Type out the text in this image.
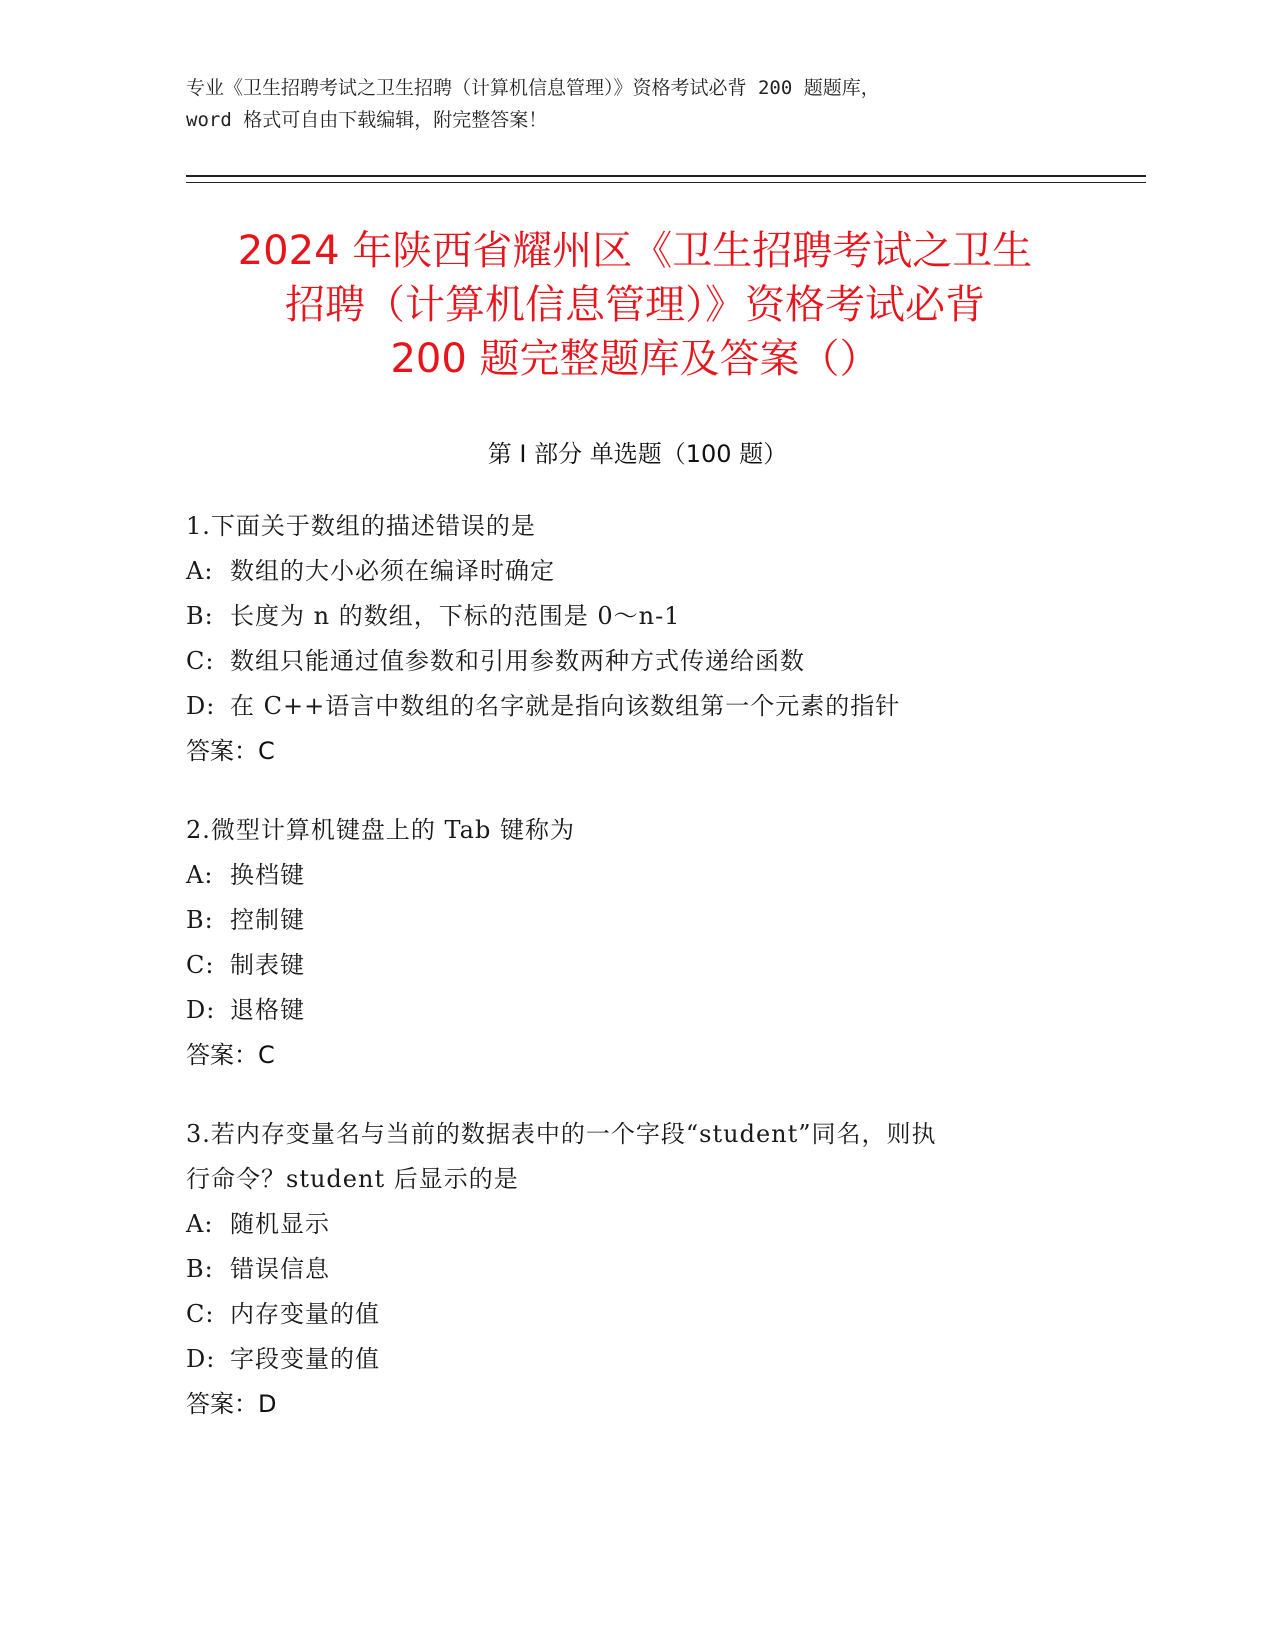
专业《卫生招聘考试之卫生招聘（计算机信息管理）》资格考试必背 200 题题库，
word 格式可自由下载编辑，附完整答案！
2024 年陕西省耀州区《卫生招聘考试之卫生
招聘（计算机信息管理）》资格考试必背
200 题完整题库及答案（）
第 I 部分 单选题（100 题）
1.下面关于数组的描述错误的是
A: 数组的大小必须在编译时确定
B: 长度为 n 的数组，下标的范围是 0～n-1
C: 数组只能通过值参数和引用参数两种方式传递给函数
D: 在 C++语言中数组的名字就是指向该数组第一个元素的指针
答案：C
2.微型计算机键盘上的 Tab 键称为
A: 换档键
B: 控制键
C: 制表键
D: 退格键
答案：C
3.若内存变量名与当前的数据表中的一个字段“student”同名，则执
行命令？student 后显示的是
A: 随机显示
B: 错误信息
C: 内存变量的值
D: 字段变量的值
答案：D
